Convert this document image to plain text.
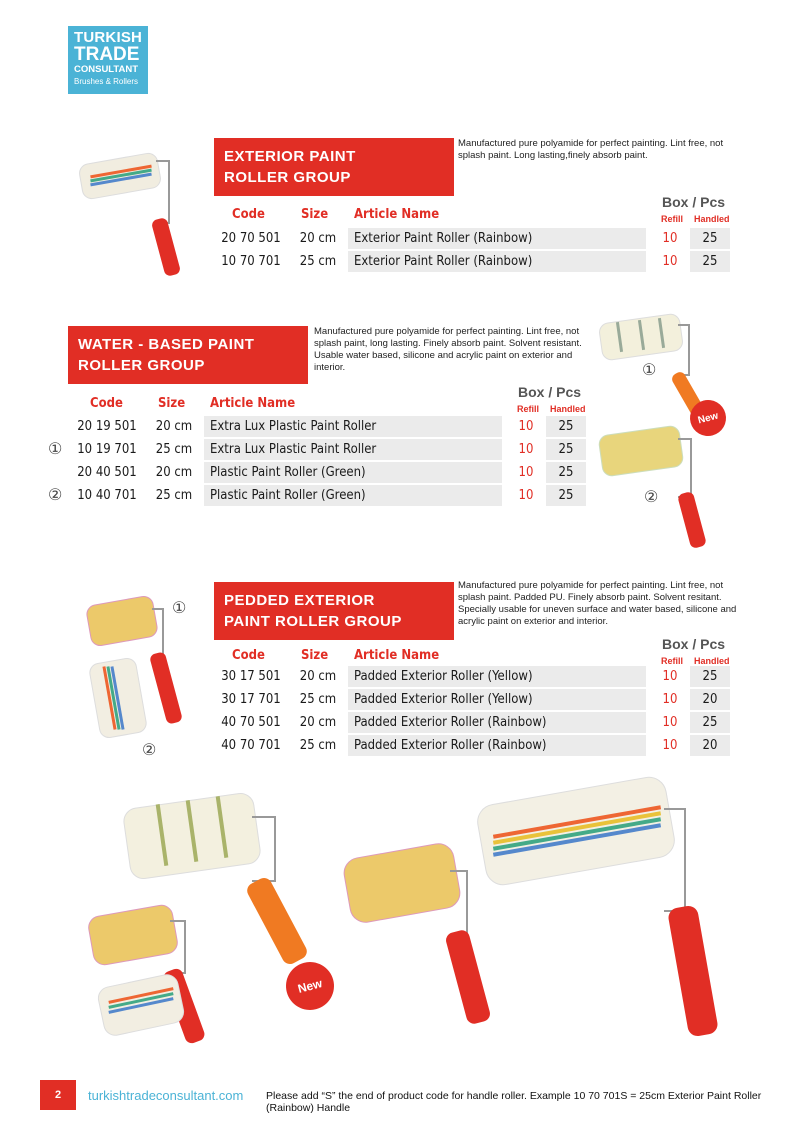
TURKISH
TRADE
CONSULTANT
Brushes & Rollers
EXTERIOR PAINT
ROLLER GROUP
Manufactured pure polyamide for perfect painting. Lint free, not splash paint. Long lasting,finely absorb paint.
Code	Size Article Name
Box / Pcs
Refill Handled
20 70 501	20 cm	Exterior Paint Roller (Rainbow)	10	25
10 70 701	25 cm	Exterior Paint Roller (Rainbow)	10	25
WATER - BASED PAINT
ROLLER GROUP
Manufactured pure polyamide for perfect painting. Lint free, not splash paint, long lasting. Finely absorb paint. Solvent resistant. Usable water based, silicone and acrylic paint on exterior and interior.
Code	Size Article Name
Box / Pcs
Refill Handled
①
②
20 19 501	20 cm	Extra Lux Plastic Paint Roller	10	25
10 19 701	25 cm	Extra Lux Plastic Paint Roller	10	25
20 40 501	20 cm	Plastic Paint Roller (Green)	10	25
10 40 701	25 cm	Plastic Paint Roller (Green)	10	25
①
New
②
①
②
PEDDED EXTERIOR
PAINT ROLLER GROUP
Manufactured pure polyamide for perfect painting. Lint free, not splash paint. Padded PU. Finely absorb paint. Solvent resitant. Specially usable for uneven surface and water based, silicone and acrylic paint on exterior and interior.
Code	Size Article Name
Box / Pcs
Refill Handled
30 17 501	20 cm	Padded Exterior Roller (Yellow)	10	25
30 17 701	25 cm	Padded Exterior Roller (Yellow)	10	20
40 70 501	20 cm	Padded Exterior Roller (Rainbow)	10	25
40 70 701	25 cm	Padded Exterior Roller (Rainbow)	10	20
New
2	turkishtradeconsultant.com Please add “S” the end of product code for handle roller. Example 10 70 701S = 25cm Exterior Paint Roller (Rainbow) Handle
